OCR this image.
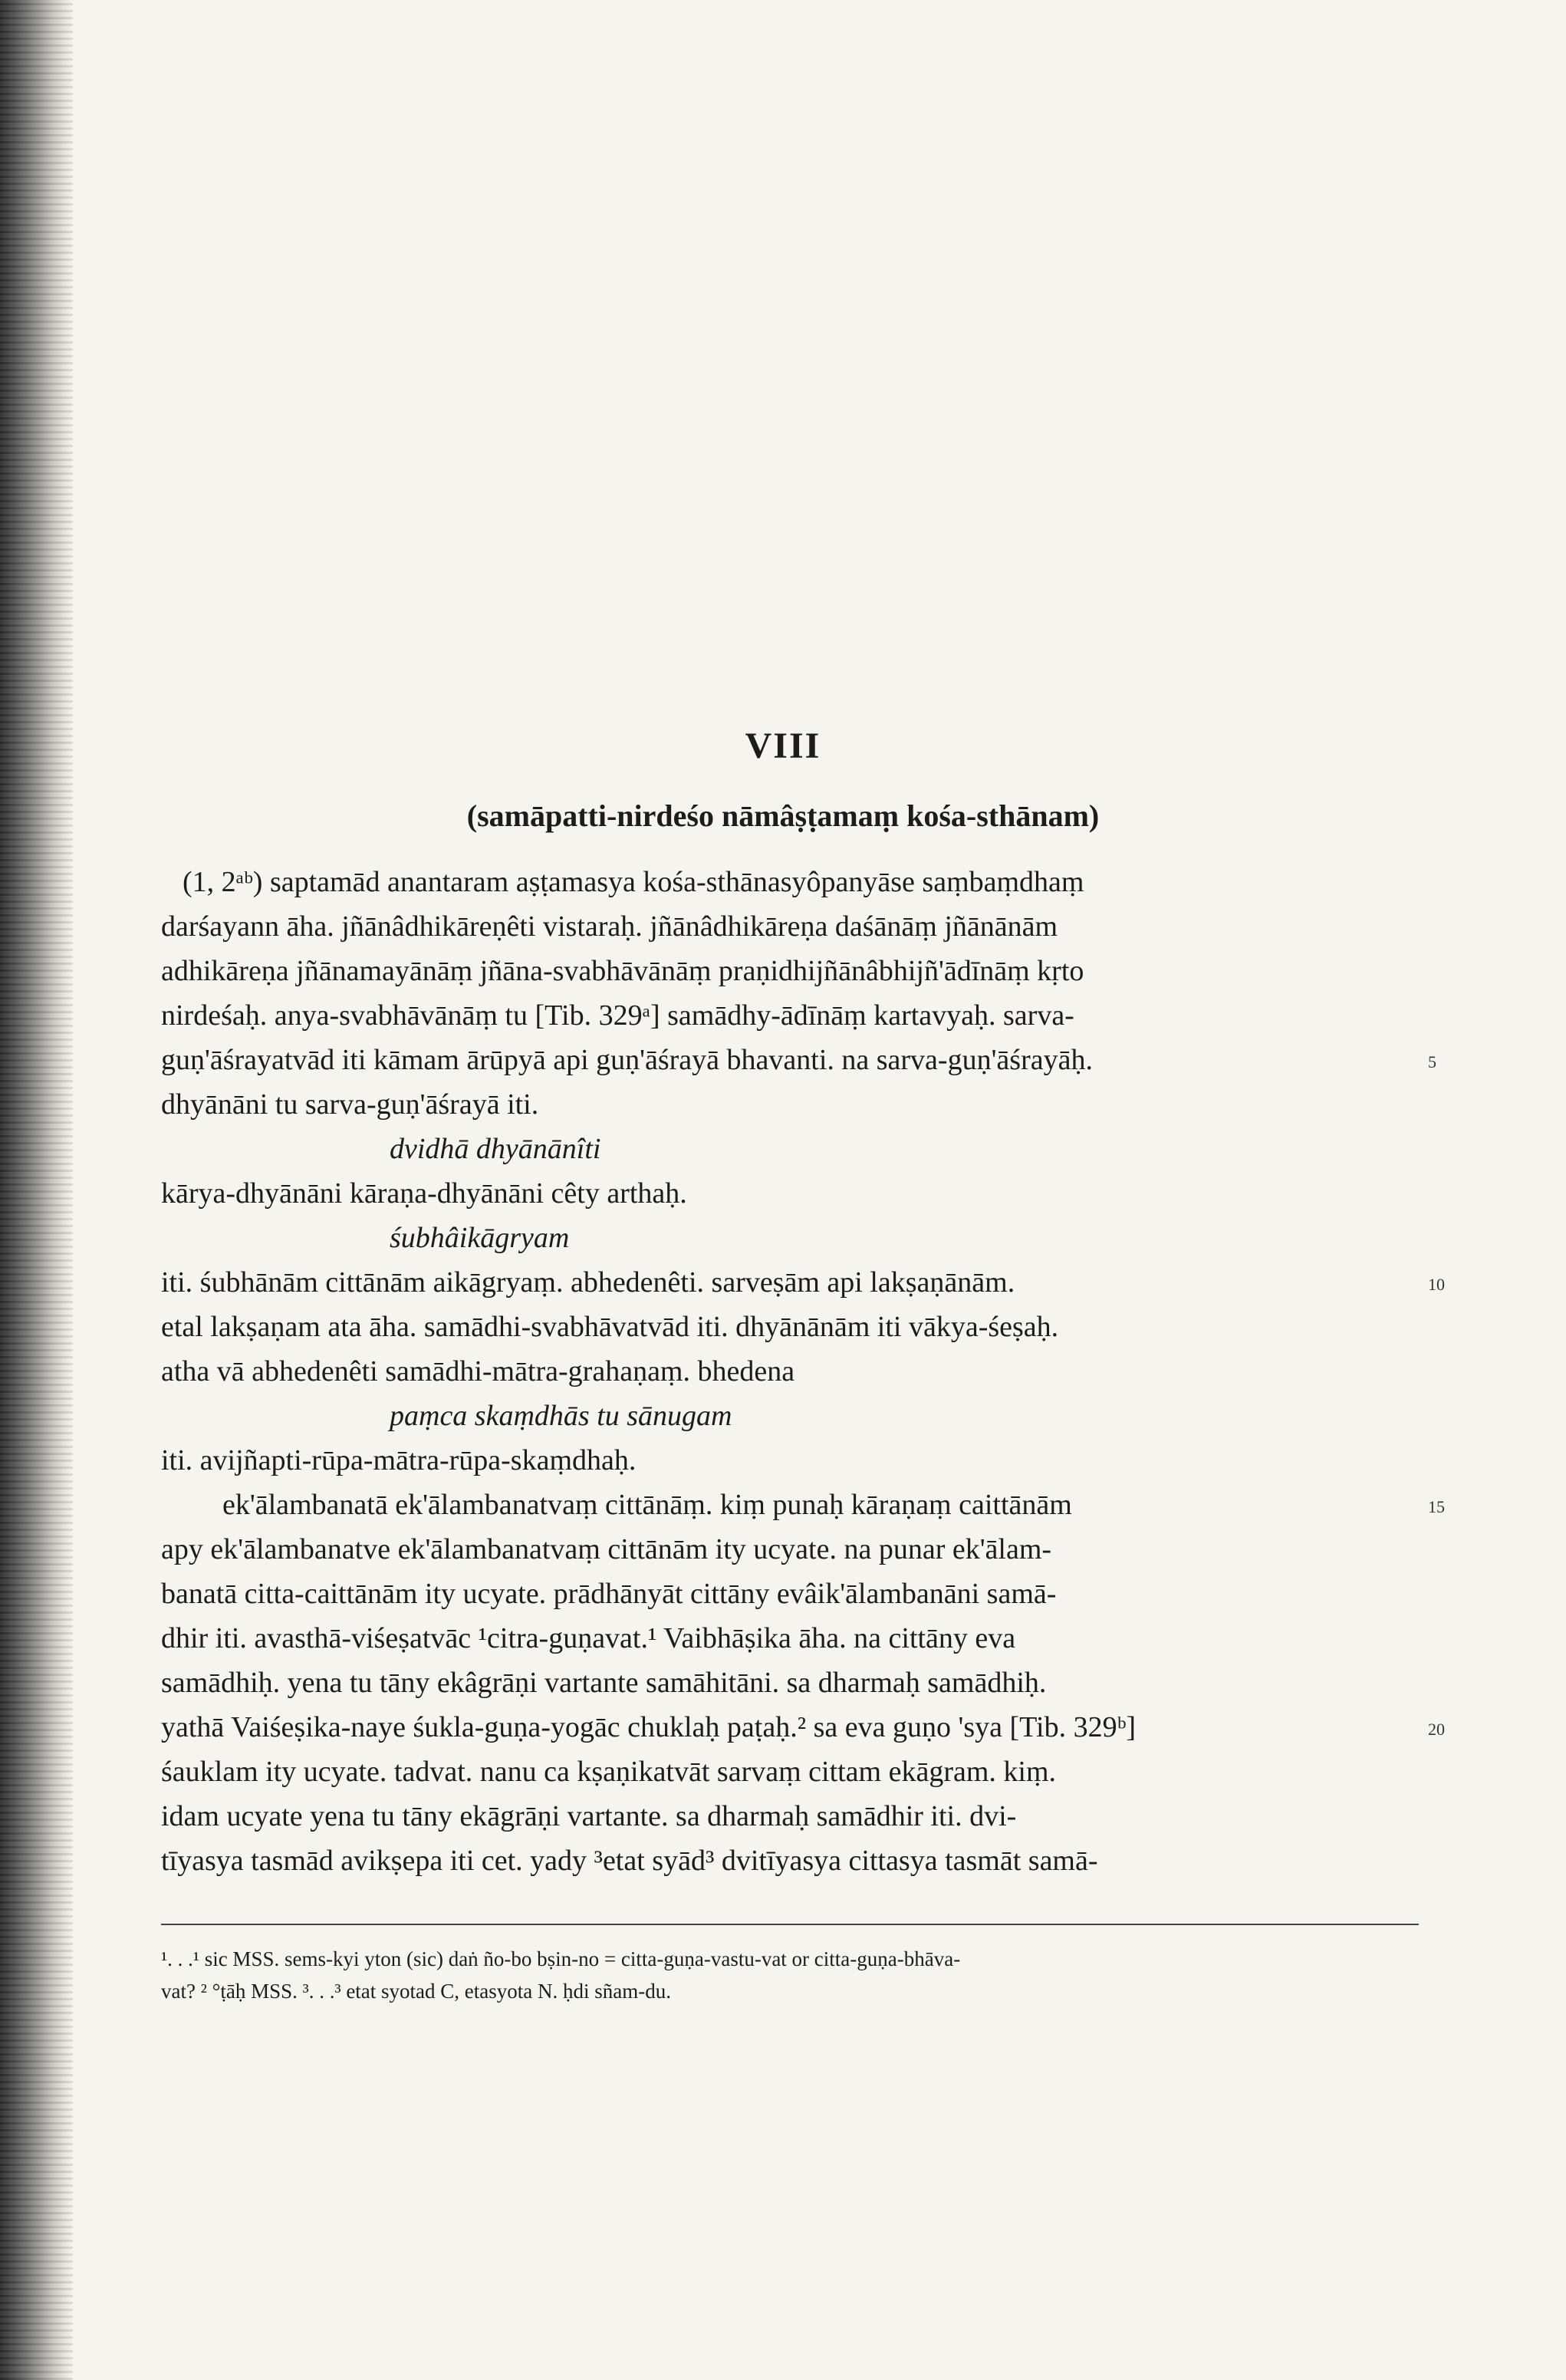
VIII
(samāpatti-nirdeśo nāmâṣṭamaṃ kośa-sthānam)
(1, 2ᵃᵇ) saptamād anantaram aṣṭamasya kośa-sthānasyôpanyāse saṃbaṃdhaṃ
darśayann āha. jñānâdhikāreṇêti vistaraḥ. jñānâdhikāreṇa daśānāṃ jñānānām
adhikāreṇa jñānamayānāṃ jñāna-svabhāvānāṃ praṇidhijñānâbhijñ'ādīnāṃ kṛto
nirdeśaḥ. anya-svabhāvānāṃ tu [Tib. 329ᵃ] samādhy-ādīnāṃ kartavyaḥ. sarva-
guṇ'āśrayatvād iti kāmam ārūpyā api guṇ'āśrayā bhavanti. na sarva-guṇ'āśrayāḥ.
dhyānāni tu sarva-guṇ'āśrayā iti.
dvidhā dhyānānîti
kārya-dhyānāni kāraṇa-dhyānāni cêty arthaḥ.
śubhâikāgryam
iti. śubhānām cittānām aikāgryaṃ. abhedenêti. sarveṣām api lakṣaṇānām.
etal lakṣaṇam ata āha. samādhi-svabhāvatvād iti. dhyānānām iti vākya-śeṣaḥ.
atha vā abhedenêti samādhi-mātra-grahaṇaṃ. bhedena
paṃca skaṃdhās tu sānugam
iti. avijñapti-rūpa-mātra-rūpa-skaṃdhaḥ.
ek'ālambanatā ek'ālambanatvaṃ cittānāṃ. kiṃ punaḥ kāraṇaṃ caittānām
apy ek'ālambanatve ek'ālambanatvaṃ cittānām ity ucyate. na punar ek'ālam-
banatā citta-caittānām ity ucyate. prādhānyāt cittāny evâik'ālambanāni samā-
dhir iti. avasthā-viśeṣatvāc ¹citra-guṇavat.¹ Vaibhāṣika āha. na cittāny eva
samādhiḥ. yena tu tāny ekâgrāṇi vartante samāhitāni. sa dharmaḥ samādhiḥ.
yathā Vaiśeṣika-naye śukla-guṇa-yogāc chuklaḥ paṭaḥ.² sa eva guṇo 'sya [Tib. 329ᵇ]
śauklam ity ucyate. tadvat. nanu ca kṣaṇikatvāt sarvaṃ cittam ekāgram. kiṃ.
idam ucyate yena tu tāny ekāgrāṇi vartante. sa dharmaḥ samādhir iti. dvi-
tīyasya tasmād avikṣepa iti cet. yady ³etat syād³ dvitīyasya cittasya tasmāt samā-
5
10
15
20
¹. . .¹ sic MSS. sems-kyi yton (sic) daṅ ño-bo bṣin-no = citta-guṇa-vastu-vat or citta-guṇa-bhāva-
vat? ² °ṭāḥ MSS. ³. . .³ etat syotad C, etasyota N. ḥdi sñam-du.
